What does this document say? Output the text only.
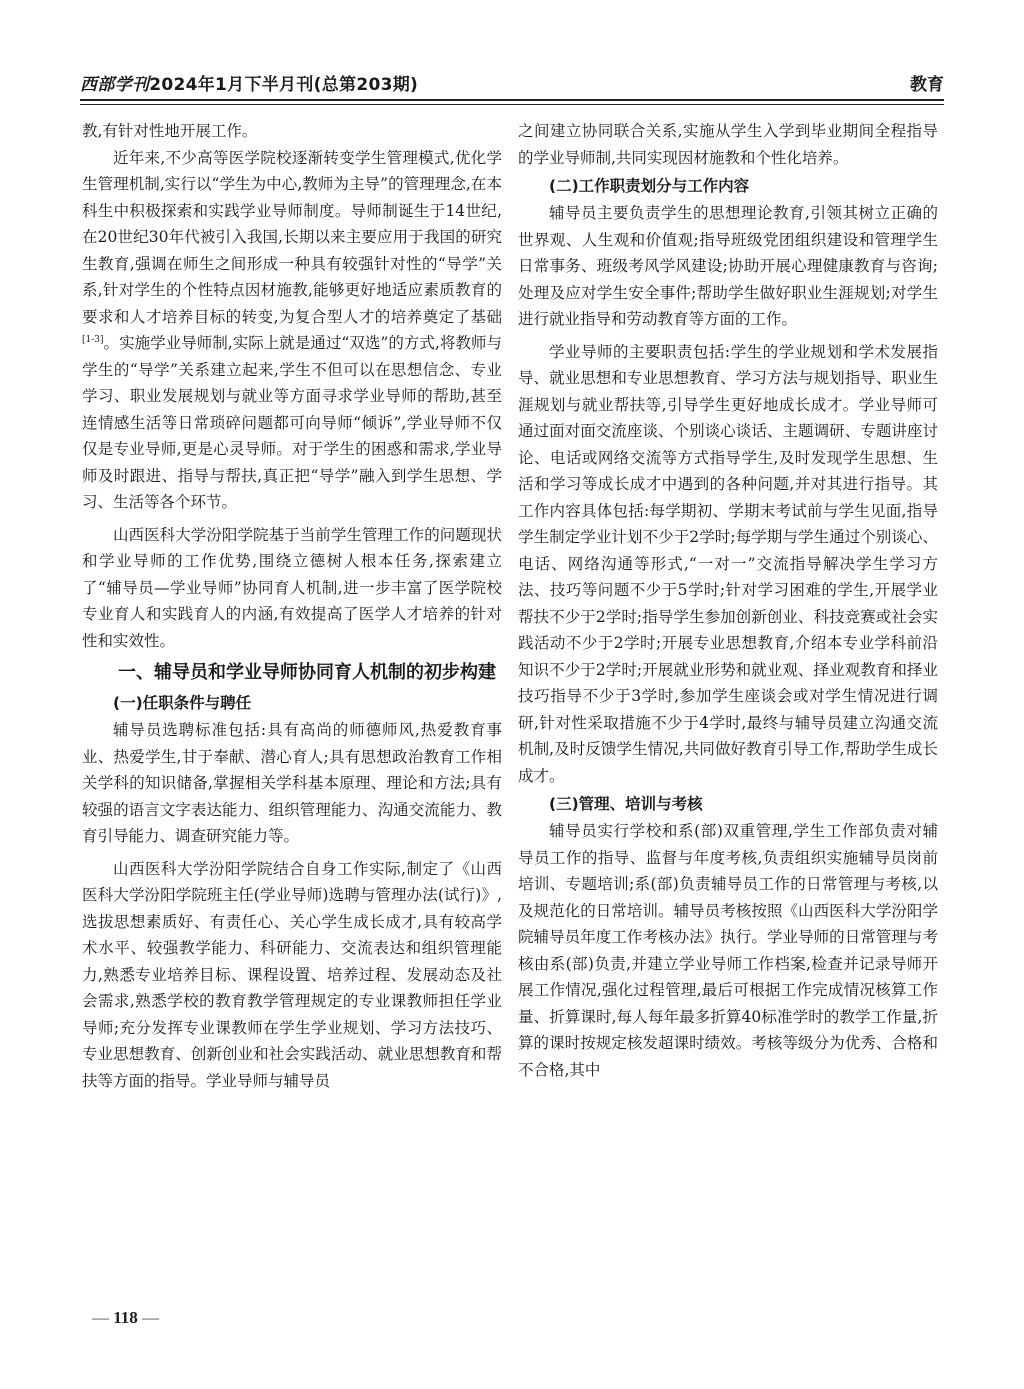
西部学刊2024年1月下半月刊(总第203期)	教育

教,有针对性地开展工作。

近年来,不少高等医学院校逐渐转变学生管理模式,优化学生管理机制,实行以“学生为中心,教师为主导”的管理理念,在本科生中积极探索和实践学业导师制度。导师制诞生于14世纪,在20世纪30年代被引入我国,长期以来主要应用于我国的研究生教育,强调在师生之间形成一种具有较强针对性的“导学”关系,针对学生的个性特点因材施教,能够更好地适应素质教育的要求和人才培养目标的转变,为复合型人才的培养奠定了基础[1-3]。实施学业导师制,实际上就是通过“双选”的方式,将教师与学生的“导学”关系建立起来,学生不但可以在思想信念、专业学习、职业发展规划与就业等方面寻求学业导师的帮助,甚至连情感生活等日常琐碎问题都可向导师“倾诉”,学业导师不仅仅是专业导师,更是心灵导师。对于学生的困惑和需求,学业导师及时跟进、指导与帮扶,真正把“导学”融入到学生思想、学习、生活等各个环节。

山西医科大学汾阳学院基于当前学生管理工作的问题现状和学业导师的工作优势,围绕立德树人根本任务,探索建立了“辅导员—学业导师”协同育人机制,进一步丰富了医学院校专业育人和实践育人的内涵,有效提高了医学人才培养的针对性和实效性。

一、辅导员和学业导师协同育人机制的初步构建
(一)任职条件与聘任

辅导员选聘标准包括:具有高尚的师德师风,热爱教育事业、热爱学生,甘于奉献、潜心育人;具有思想政治教育工作相关学科的知识储备,掌握相关学科基本原理、理论和方法;具有较强的语言文字表达能力、组织管理能力、沟通交流能力、教育引导能力、调查研究能力等。

山西医科大学汾阳学院结合自身工作实际,制定了《山西医科大学汾阳学院班主任(学业导师)选聘与管理办法(试行)》,选拔思想素质好、有责任心、关心学生成长成才,具有较高学术水平、较强教学能力、科研能力、交流表达和组织管理能力,熟悉专业培养目标、课程设置、培养过程、发展动态及社会需求,熟悉学校的教育教学管理规定的专业课教师担任学业导师;充分发挥专业课教师在学生学业规划、学习方法技巧、专业思想教育、创新创业和社会实践活动、就业思想教育和帮扶等方面的指导。学业导师与辅导员

之间建立协同联合关系,实施从学生入学到毕业期间全程指导的学业导师制,共同实现因材施教和个性化培养。

(二)工作职责划分与工作内容

辅导员主要负责学生的思想理论教育,引领其树立正确的世界观、人生观和价值观;指导班级党团组织建设和管理学生日常事务、班级考风学风建设;协助开展心理健康教育与咨询;处理及应对学生安全事件;帮助学生做好职业生涯规划;对学生进行就业指导和劳动教育等方面的工作。

学业导师的主要职责包括:学生的学业规划和学术发展指导、就业思想和专业思想教育、学习方法与规划指导、职业生涯规划与就业帮扶等,引导学生更好地成长成才。学业导师可通过面对面交流座谈、个别谈心谈话、主题调研、专题讲座讨论、电话或网络交流等方式指导学生,及时发现学生思想、生活和学习等成长成才中遇到的各种问题,并对其进行指导。其工作内容具体包括:每学期初、学期末考试前与学生见面,指导学生制定学业计划不少于2学时;每学期与学生通过个别谈心、电话、网络沟通等形式,“一对一”交流指导解决学生学习方法、技巧等问题不少于5学时;针对学习困难的学生,开展学业帮扶不少于2学时;指导学生参加创新创业、科技竞赛或社会实践活动不少于2学时;开展专业思想教育,介绍本专业学科前沿知识不少于2学时;开展就业形势和就业观、择业观教育和择业技巧指导不少于3学时,参加学生座谈会或对学生情况进行调研,针对性采取措施不少于4学时,最终与辅导员建立沟通交流机制,及时反馈学生情况,共同做好教育引导工作,帮助学生成长成才。

(三)管理、培训与考核

辅导员实行学校和系(部)双重管理,学生工作部负责对辅导员工作的指导、监督与年度考核,负责组织实施辅导员岗前培训、专题培训;系(部)负责辅导员工作的日常管理与考核,以及规范化的日常培训。辅导员考核按照《山西医科大学汾阳学院辅导员年度工作考核办法》执行。学业导师的日常管理与考核由系(部)负责,并建立学业导师工作档案,检查并记录导师开展工作情况,强化过程管理,最后可根据工作完成情况核算工作量、折算课时,每人每年最多折算40标准学时的教学工作量,折算的课时按规定核发超课时绩效。考核等级分为优秀、合格和不合格,其中

— 118 —
